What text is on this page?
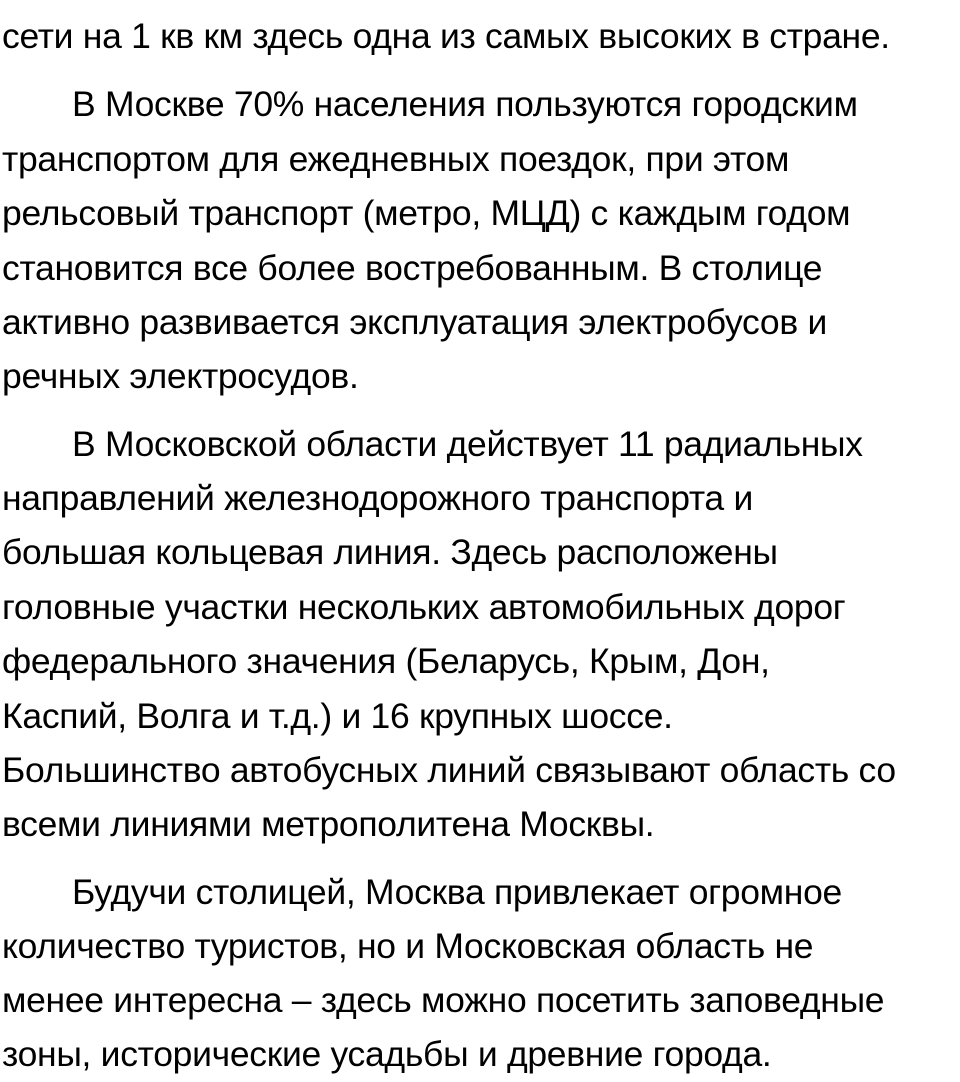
сети на 1 кв км здесь одна из самых высоких в стране.
В Москве 70% населения пользуются городским
транспортом для ежедневных поездок, при этом
рельсовый транспорт (метро, МЦД) с каждым годом
становится все более востребованным. В столице
активно развивается эксплуатация электробусов и
речных электросудов.
В Московской области действует 11 радиальных
направлений железнодорожного транспорта и
большая кольцевая линия. Здесь расположены
головные участки нескольких автомобильных дорог
федерального значения (Беларусь, Крым, Дон,
Каспий, Волга и т.д.) и 16 крупных шоссе.
Большинство автобусных линий связывают область со
всеми линиями метрополитена Москвы.
Будучи столицей, Москва привлекает огромное
количество туристов, но и Московская область не
менее интересна – здесь можно посетить заповедные
зоны, исторические усадьбы и древние города.
